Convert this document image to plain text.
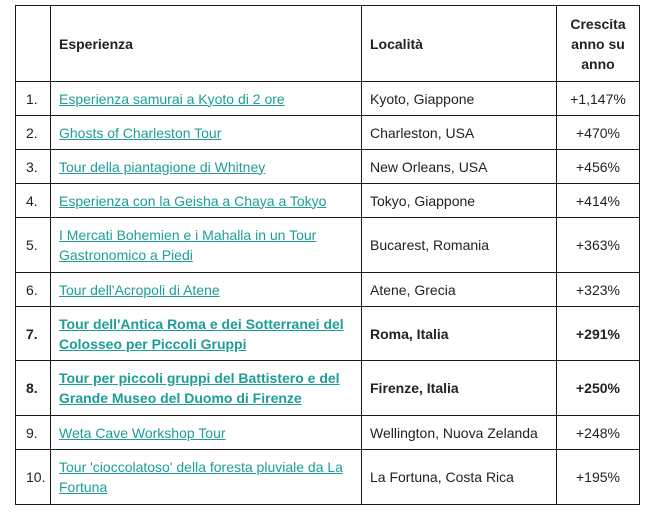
	Esperienza	Località	Crescita anno su anno
1.	Esperienza samurai a Kyoto di 2 ore	Kyoto, Giappone	+1,147%
2.	Ghosts of Charleston Tour	Charleston, USA	+470%
3.	Tour della piantagione di Whitney	New Orleans, USA	+456%
4.	Esperienza con la Geisha a Chaya a Tokyo	Tokyo, Giappone	+414%
5.	I Mercati Bohemien e i Mahalla in un Tour Gastronomico a Piedi	Bucarest, Romania	+363%
6.	Tour dell'Acropoli di Atene	Atene, Grecia	+323%
7.	Tour dell'Antica Roma e dei Sotterranei del Colosseo per Piccoli Gruppi	Roma, Italia	+291%
8.	Tour per piccoli gruppi del Battistero e del Grande Museo del Duomo di Firenze	Firenze, Italia	+250%
9.	Weta Cave Workshop Tour	Wellington, Nuova Zelanda	+248%
10.	Tour 'cioccolatoso' della foresta pluviale da La Fortuna	La Fortuna, Costa Rica	+195%
